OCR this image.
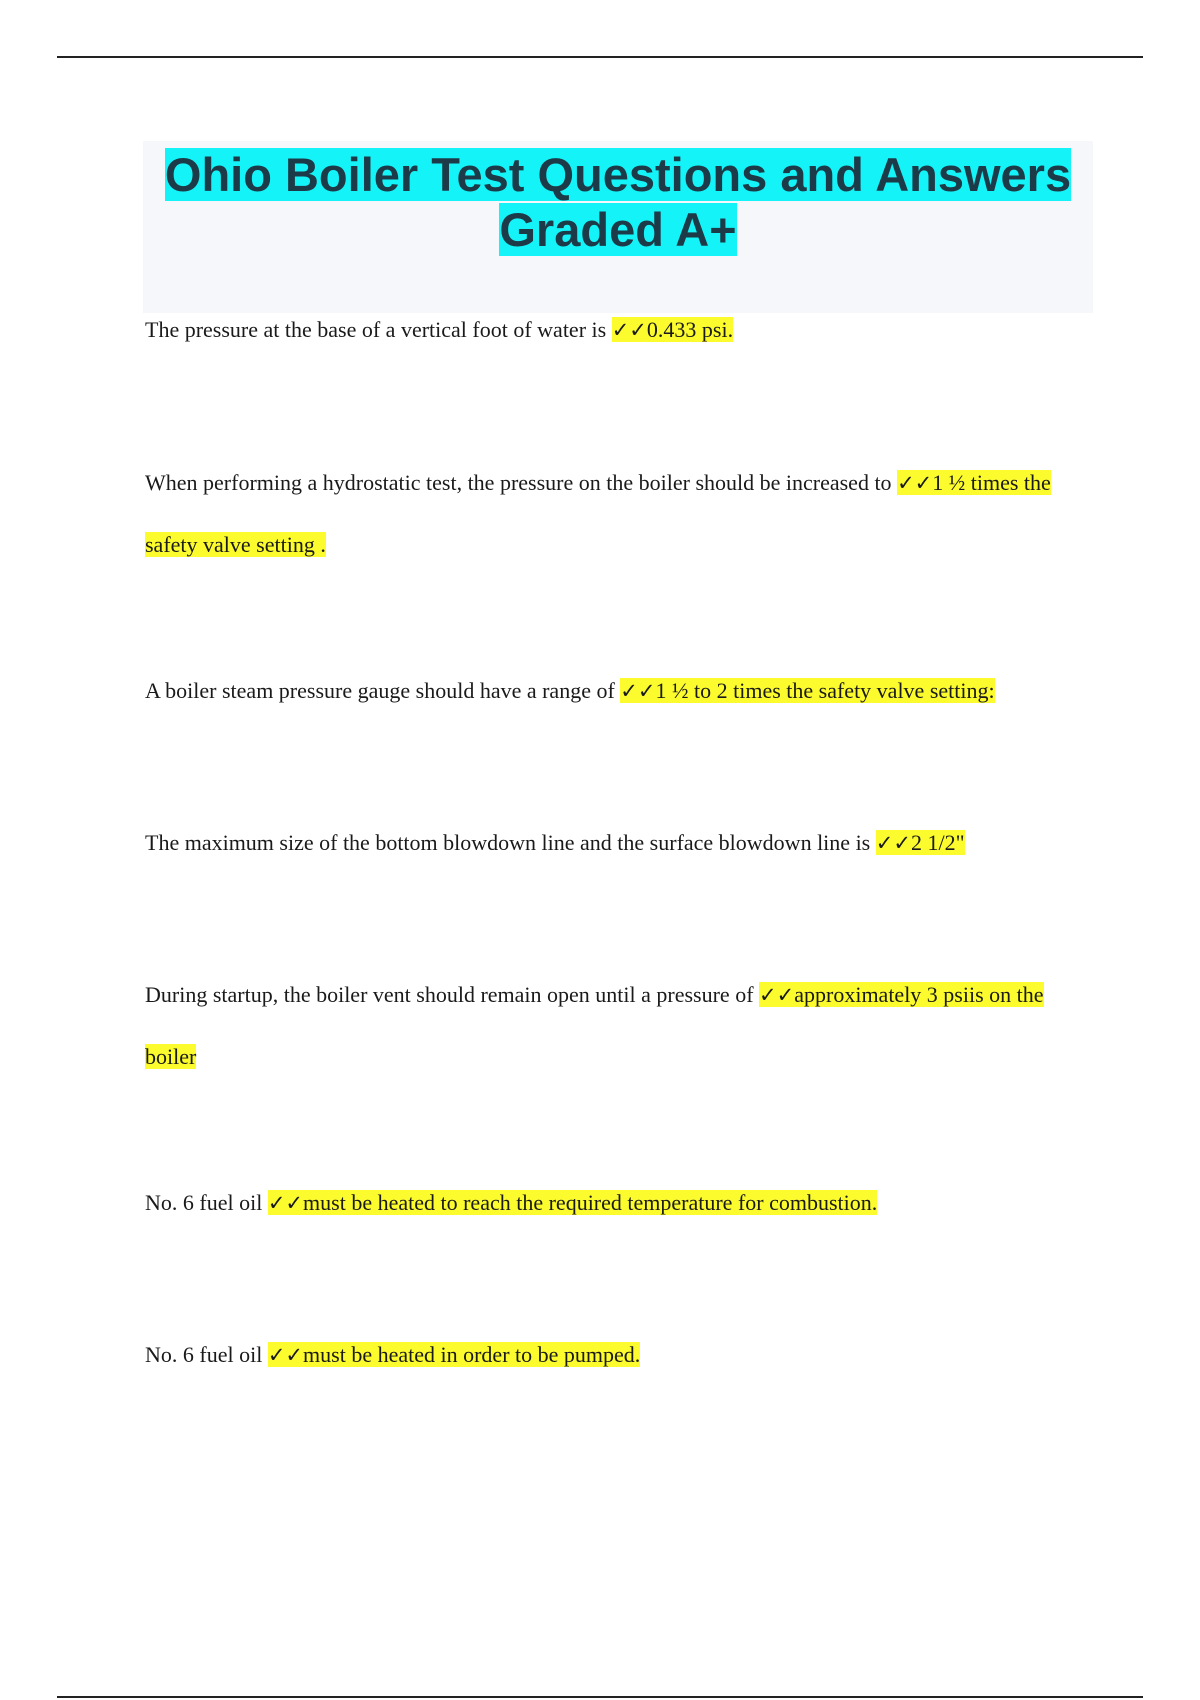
Ohio Boiler Test Questions and Answers Graded A+

The pressure at the base of a vertical foot of water is ✓✓0.433 psi.

When performing a hydrostatic test, the pressure on the boiler should be increased to ✓✓1 ½ times the safety valve setting .

A boiler steam pressure gauge should have a range of ✓✓1 ½ to 2 times the safety valve setting:

The maximum size of the bottom blowdown line and the surface blowdown line is ✓✓2 1/2"

During startup, the boiler vent should remain open until a pressure of ✓✓approximately 3 psiis on the boiler

No. 6 fuel oil ✓✓must be heated to reach the required temperature for combustion.

No. 6 fuel oil ✓✓must be heated in order to be pumped.
